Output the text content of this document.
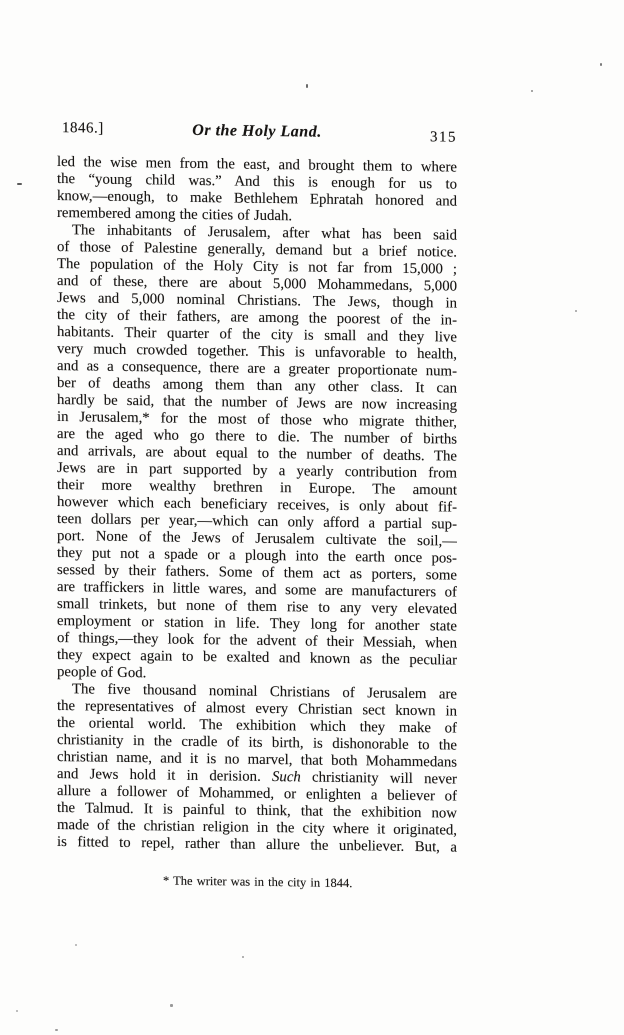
1846.]	Or the Holy Land.	315
led the wise men from the east, and brought them to where
the “young child was.” And this is enough for us to
know,—enough, to make Bethlehem Ephratah honored and
remembered among the cities of Judah.
The inhabitants of Jerusalem, after what has been said
of those of Palestine generally, demand but a brief notice.
The population of the Holy City is not far from 15,000 ;
and of these, there are about 5,000 Mohammedans, 5,000
Jews and 5,000 nominal Christians. The Jews, though in
the city of their fathers, are among the poorest of the in-
habitants. Their quarter of the city is small and they live
very much crowded together. This is unfavorable to health,
and as a consequence, there are a greater proportionate num-
ber of deaths among them than any other class. It can
hardly be said, that the number of Jews are now increasing
in Jerusalem,* for the most of those who migrate thither,
are the aged who go there to die. The number of births
and arrivals, are about equal to the number of deaths. The
Jews are in part supported by a yearly contribution from
their more wealthy brethren in Europe. The amount
however which each beneficiary receives, is only about fif-
teen dollars per year,—which can only afford a partial sup-
port. None of the Jews of Jerusalem cultivate the soil,—
they put not a spade or a plough into the earth once pos-
sessed by their fathers. Some of them act as porters, some
are traffickers in little wares, and some are manufacturers of
small trinkets, but none of them rise to any very elevated
employment or station in life. They long for another state
of things,—they look for the advent of their Messiah, when
they expect again to be exalted and known as the peculiar
people of God.
The five thousand nominal Christians of Jerusalem are
the representatives of almost every Christian sect known in
the oriental world. The exhibition which they make of
christianity in the cradle of its birth, is dishonorable to the
christian name, and it is no marvel, that both Mohammedans
and Jews hold it in derision. Such christianity will never
allure a follower of Mohammed, or enlighten a believer of
the Talmud. It is painful to think, that the exhibition now
made of the christian religion in the city where it originated,
is fitted to repel, rather than allure the unbeliever. But, a
* The writer was in the city in 1844.
